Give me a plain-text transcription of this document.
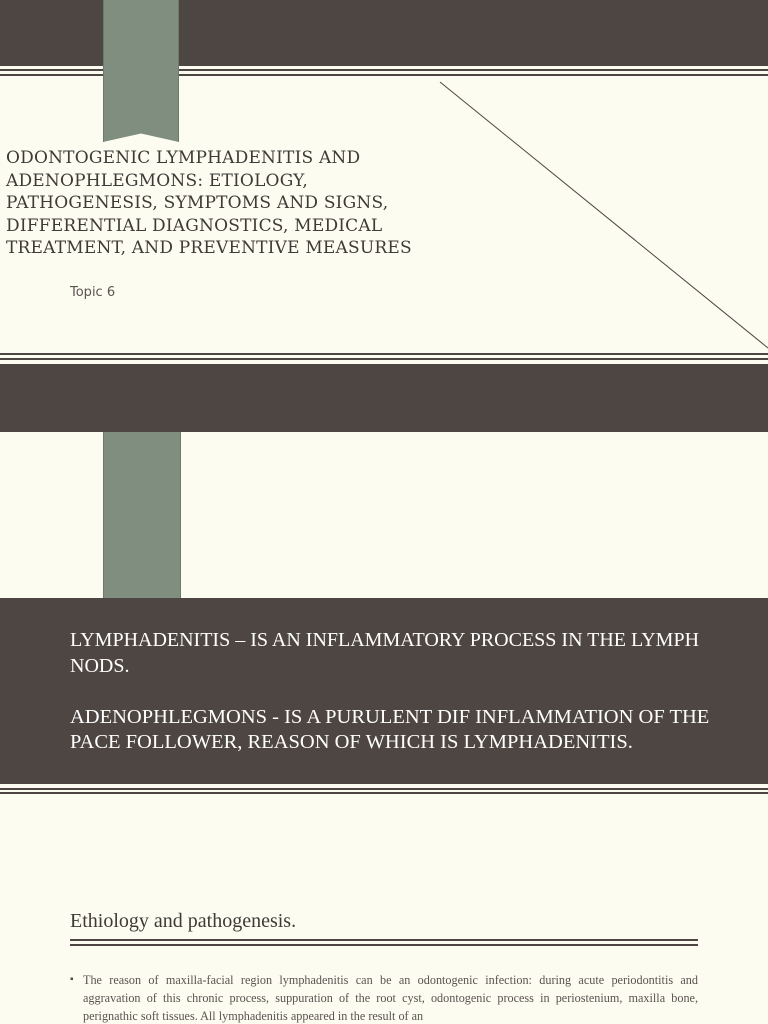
ODONTOGENIC LYMPHADENITIS AND ADENOPHLEGMONS: ETIOLOGY, PATHOGENESIS, SYMPTOMS AND SIGNS, DIFFERENTIAL DIAGNOSTICS, MEDICAL TREATMENT, AND PREVENTIVE MEASURES
Topic 6

LYMPHADENITIS – IS AN INFLAMMATORY PROCESS IN THE LYMPH NODS.

ADENOPHLEGMONS - IS A PURULENT DIF INFLAMMATION OF THE PACE FOLLOWER, REASON OF WHICH IS LYMPHADENITIS.

Ethiology and pathogenesis.
▪ The reason of maxilla-facial region lymphadenitis can be an odontogenic infection: during acute periodontitis and aggravation of this chronic process, suppuration of the root cyst, odontogenic process in periostenium, maxilla bone, perignathic soft tissues. All lymphadenitis appeared in the result of an
